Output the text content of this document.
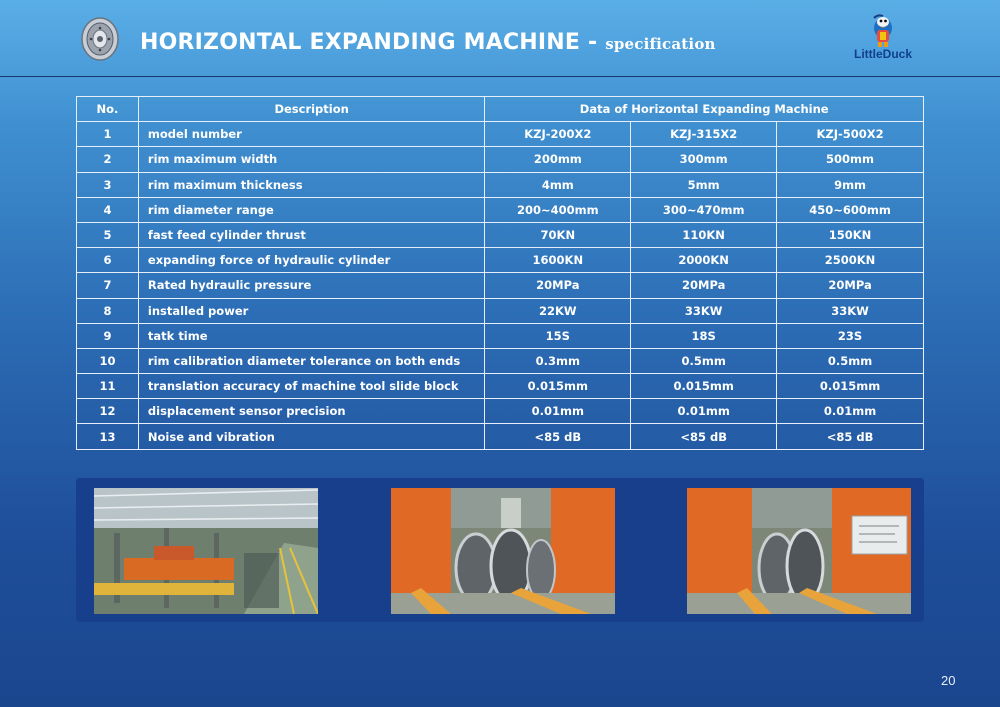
HORIZONTAL EXPANDING MACHINE - specification
LittleDuck
No.	Description	Data of Horizontal Expanding Machine		
1	model number	KZJ-200X2	KZJ-315X2	KZJ-500X2
2	rim maximum width	200mm	300mm	500mm
3	rim maximum thickness	4mm	5mm	9mm
4	rim diameter range	200~400mm	300~470mm	450~600mm
5	fast feed cylinder thrust	70KN	110KN	150KN
6	expanding force of hydraulic cylinder	1600KN	2000KN	2500KN
7	Rated hydraulic pressure	20MPa	20MPa	20MPa
8	installed power	22KW	33KW	33KW
9	tatk time	15S	18S	23S
10	rim calibration diameter tolerance on both ends	0.3mm	0.5mm	0.5mm
11	translation accuracy of machine tool slide block	0.015mm	0.015mm	0.015mm
12	displacement sensor precision	0.01mm	0.01mm	0.01mm
13	Noise and vibration	<85 dB	<85 dB	<85 dB
20
